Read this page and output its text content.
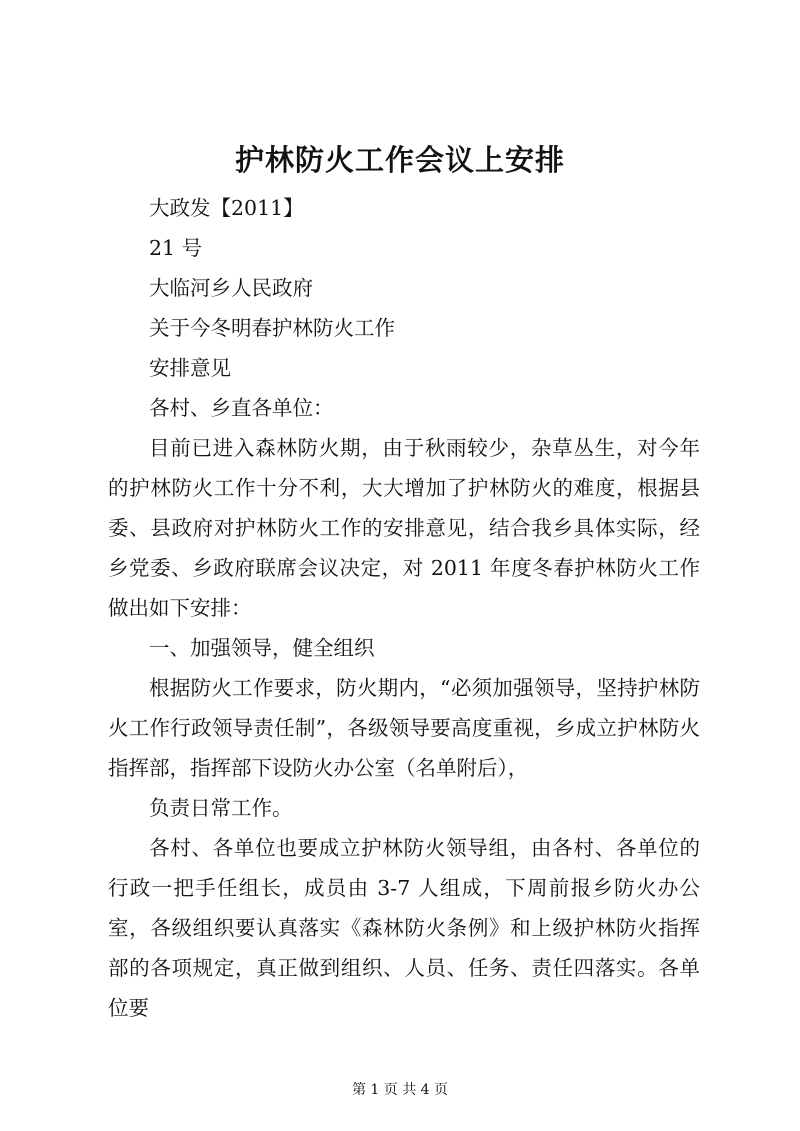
护林防火工作会议上安排

大政发【2011】

21 号

大临河乡人民政府

关于今冬明春护林防火工作

安排意见

各村、乡直各单位：

目前已进入森林防火期，由于秋雨较少，杂草丛生，对今年的护林防火工作十分不利，大大增加了护林防火的难度，根据县委、县政府对护林防火工作的安排意见，结合我乡具体实际，经乡党委、乡政府联席会议决定，对 2011 年度冬春护林防火工作做出如下安排：

一、加强领导，健全组织

根据防火工作要求，防火期内，“必须加强领导，坚持护林防火工作行政领导责任制”，各级领导要高度重视，乡成立护林防火指挥部，指挥部下设防火办公室（名单附后），

负责日常工作。

各村、各单位也要成立护林防火领导组，由各村、各单位的行政一把手任组长，成员由 3-7 人组成，下周前报乡防火办公室，各级组织要认真落实《森林防火条例》和上级护林防火指挥部的各项规定，真正做到组织、人员、任务、责任四落实。各单位要

第 1 页 共 4 页
